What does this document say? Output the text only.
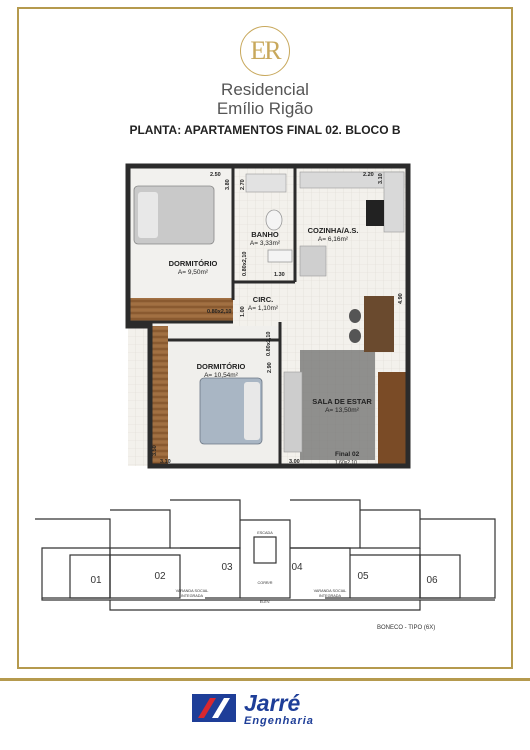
ER
Residencial
Emílio Rigão
PLANTA: APARTAMENTOS FINAL 02. BLOCO B
DORMITÓRIO
BANHO	COZINHA/A.S.
CIRC.
DORMITÓRIO
SALA DE ESTAR
A= 9,50m²
A= 3,33m²
A= 6,16m²
A= 1,10m²
A= 10,54m²
A= 13,50m²
2.50
3.80 2.70
2.20 3.10
1.30
0.80x2,10
0.80x2,10
1.00
0.80x2,10
2.90
4.90
3.50
3.10	3.00
Final 02
1.60x2,10
01	02
03	04
05	06
ESCADA
CORR/R
ELEV.
VARANDA SOCIAL
INTEGRADA
VARANDA SOCIAL
INTEGRADA
BONECO - TIPO (6X)
Jarré
Engenharia
